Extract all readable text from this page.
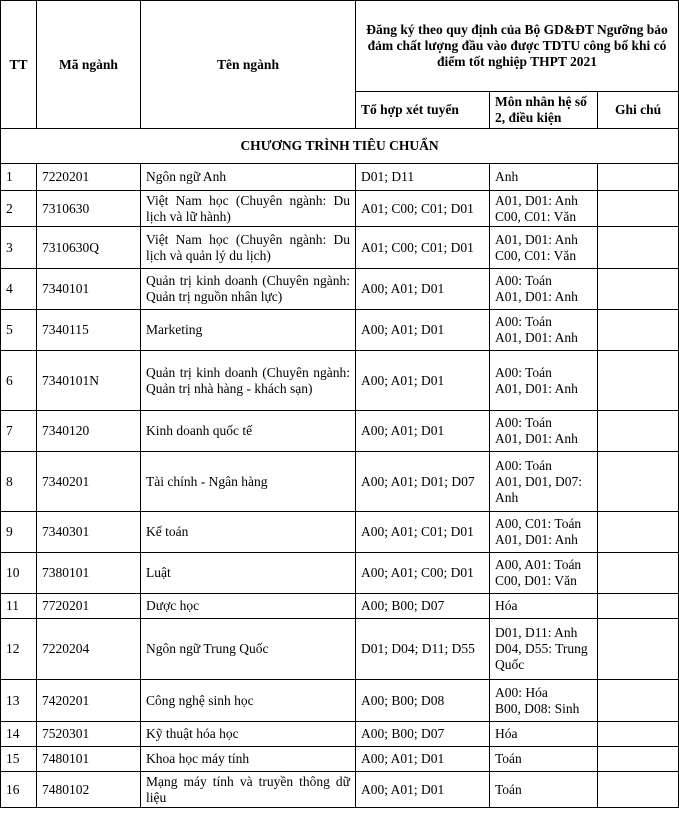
TT	Mã ngành	Tên ngành	Đăng ký theo quy định của Bộ GD&ĐT Ngưỡng bảo đảm chất lượng đầu vào được TDTU công bố khi có điểm tốt nghiệp THPT 2021		
			Tổ hợp xét tuyển	Môn nhân hệ số 2, điều kiện	Ghi chú
CHƯƠNG TRÌNH TIÊU CHUẨN					
1	7220201	Ngôn ngữ Anh	D01; D11	Anh	

2	7310630	Việt Nam học (Chuyên ngành: Du lịch và lữ hành)	A01; C00; C01; D01	A01, D01: Anh
C00, C01: Văn	

3	7310630Q	Việt Nam học (Chuyên ngành: Du lịch và quản lý du lịch)	A01; C00; C01; D01	A01, D01: Anh
C00, C01: Văn	

4	7340101	Quản trị kinh doanh (Chuyên ngành: Quản trị nguồn nhân lực)	A00; A01; D01	A00: Toán
A01, D01: Anh	

5	7340115	Marketing	A00; A01; D01	A00: Toán
A01, D01: Anh	

6	7340101N	Quản trị kinh doanh (Chuyên ngành: Quản trị nhà hàng - khách sạn)	A00; A01; D01	A00: Toán
A01, D01: Anh	

7	7340120	Kinh doanh quốc tế	A00; A01; D01	A00: Toán
A01, D01: Anh	

8	7340201	Tài chính - Ngân hàng	A00; A01; D01; D07	A00: Toán
A01, D01, D07: Anh	

9	7340301	Kế toán	A00; A01; C01; D01	A00, C01: Toán
A01, D01: Anh	

10	7380101	Luật	A00; A01; C00; D01	A00, A01: Toán
C00, D01: Văn	

11	7720201	Dược học	A00; B00; D07	Hóa	

12	7220204	Ngôn ngữ Trung Quốc	D01; D04; D11; D55	D01, D11: Anh
D04, D55: Trung Quốc	

13	7420201	Công nghệ sinh học	A00; B00; D08	A00: Hóa
B00, D08: Sinh	

14	7520301	Kỹ thuật hóa học	A00; B00; D07	Hóa	

15	7480101	Khoa học máy tính	A00; A01; D01	Toán	

16	7480102	Mạng máy tính và truyền thông dữ liệu	A00; A01; D01	Toán	
